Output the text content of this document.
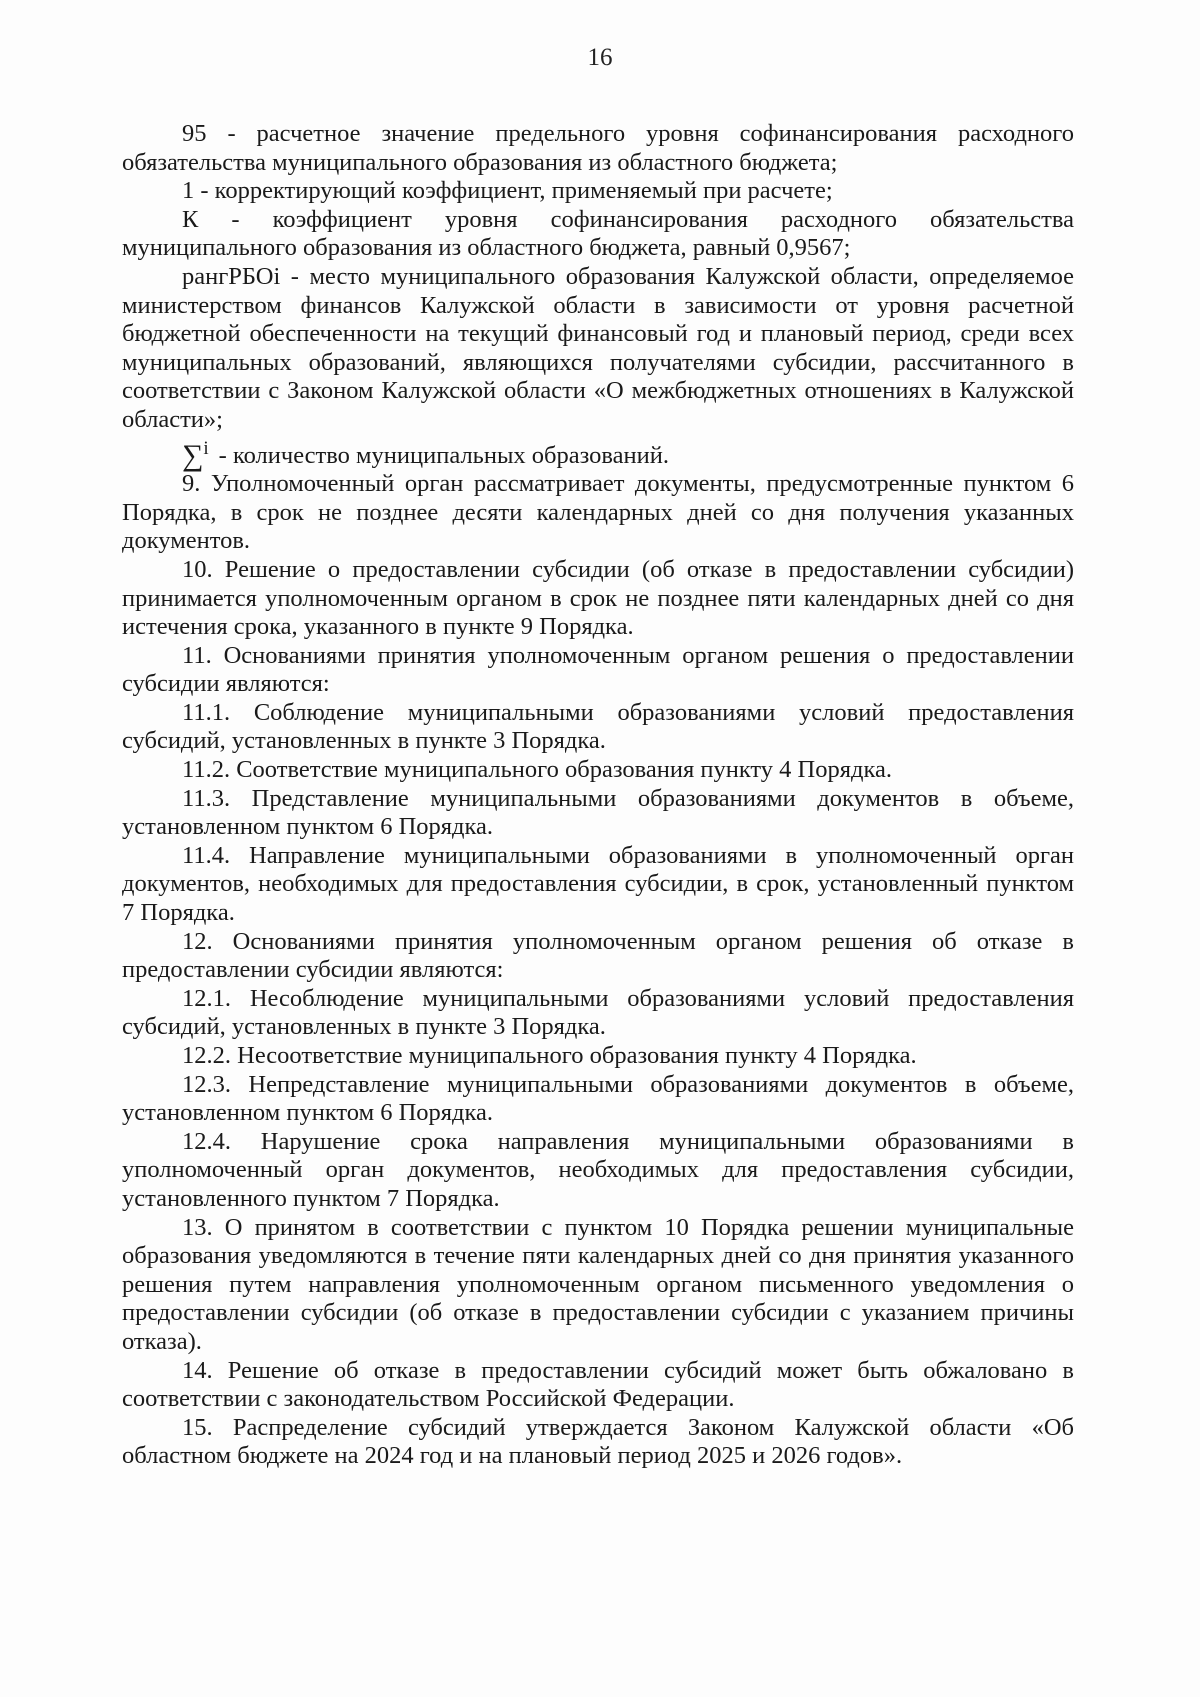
16

95 - расчетное значение предельного уровня софинансирования расходного обязательства муниципального образования из областного бюджета;

1 - корректирующий коэффициент, применяемый при расчете;

К - коэффициент уровня софинансирования расходного обязательства муниципального образования из областного бюджета, равный 0,9567;

рангРБОi - место муниципального образования Калужской области, определяемое министерством финансов Калужской области в зависимости от уровня расчетной бюджетной обеспеченности на текущий финансовый год и плановый период, среди всех муниципальных образований, являющихся получателями субсидии, рассчитанного в соответствии с Законом Калужской области «О межбюджетных отношениях в Калужской области»;

∑$^i$ - количество муниципальных образований.

9. Уполномоченный орган рассматривает документы, предусмотренные пунктом 6 Порядка, в срок не позднее десяти календарных дней со дня получения указанных документов.

10. Решение о предоставлении субсидии (об отказе в предоставлении субсидии) принимается уполномоченным органом в срок не позднее пяти календарных дней со дня истечения срока, указанного в пункте 9 Порядка.

11. Основаниями принятия уполномоченным органом решения о предоставлении субсидии являются:

11.1. Соблюдение муниципальными образованиями условий предоставления субсидий, установленных в пункте 3 Порядка.

11.2. Соответствие муниципального образования пункту 4 Порядка.

11.3. Представление муниципальными образованиями документов в объеме, установленном пунктом 6 Порядка.

11.4. Направление муниципальными образованиями в уполномоченный орган документов, необходимых для предоставления субсидии, в срок, установленный пунктом 7 Порядка.

12. Основаниями принятия уполномоченным органом решения об отказе в предоставлении субсидии являются:

12.1. Несоблюдение муниципальными образованиями условий предоставления субсидий, установленных в пункте 3 Порядка.

12.2. Несоответствие муниципального образования пункту 4 Порядка.

12.3. Непредставление муниципальными образованиями документов в объеме, установленном пунктом 6 Порядка.

12.4. Нарушение срока направления муниципальными образованиями в уполномоченный орган документов, необходимых для предоставления субсидии, установленного пунктом 7 Порядка.

13. О принятом в соответствии с пунктом 10 Порядка решении муниципальные образования уведомляются в течение пяти календарных дней со дня принятия указанного решения путем направления уполномоченным органом письменного уведомления о предоставлении субсидии (об отказе в предоставлении субсидии с указанием причины отказа).

14. Решение об отказе в предоставлении субсидий может быть обжаловано в соответствии с законодательством Российской Федерации.

15. Распределение субсидий утверждается Законом Калужской области «Об областном бюджете на 2024 год и на плановый период 2025 и 2026 годов».
